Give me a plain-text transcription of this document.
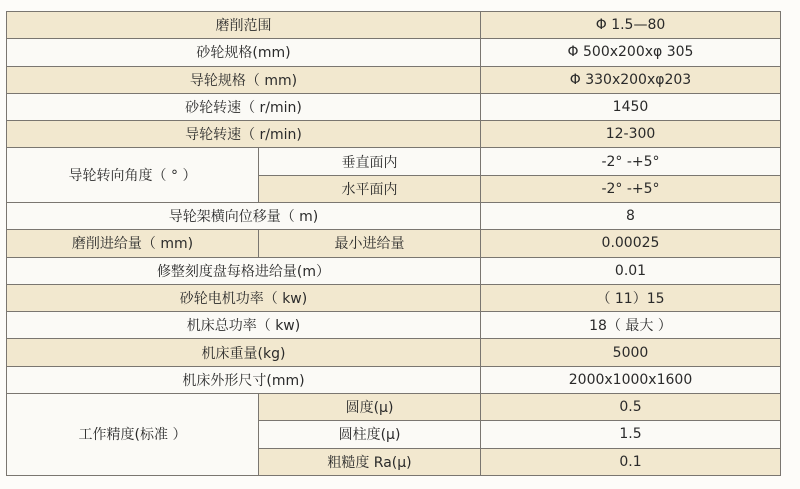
磨削范围		Φ 1.5—80
砂轮规格(mm)		Φ 500x200xφ 305
导轮规格（ mm)		Φ 330x200xφ203
砂轮转速（ r/min)		1450
导轮转速（ r/min)		12-300
导轮转向角度（ ° ）	垂直面内	-2° -+5°
	水平面内	-2° -+5°
导轮架横向位移量（ m)		8
磨削进给量（ mm)	最小进给量	0.00025
修整刻度盘每格进给量(m）		0.01
砂轮电机功率（ kw)		（ 11）15
机床总功率（ kw)		18（ 最大 ）
机床重量(kg)		5000
机床外形尺寸(mm)		2000x1000x1600
工作精度(标准 ）	圆度(μ)	0.5
	圆柱度(μ)	1.5
	粗糙度 Ra(μ)	0.1
